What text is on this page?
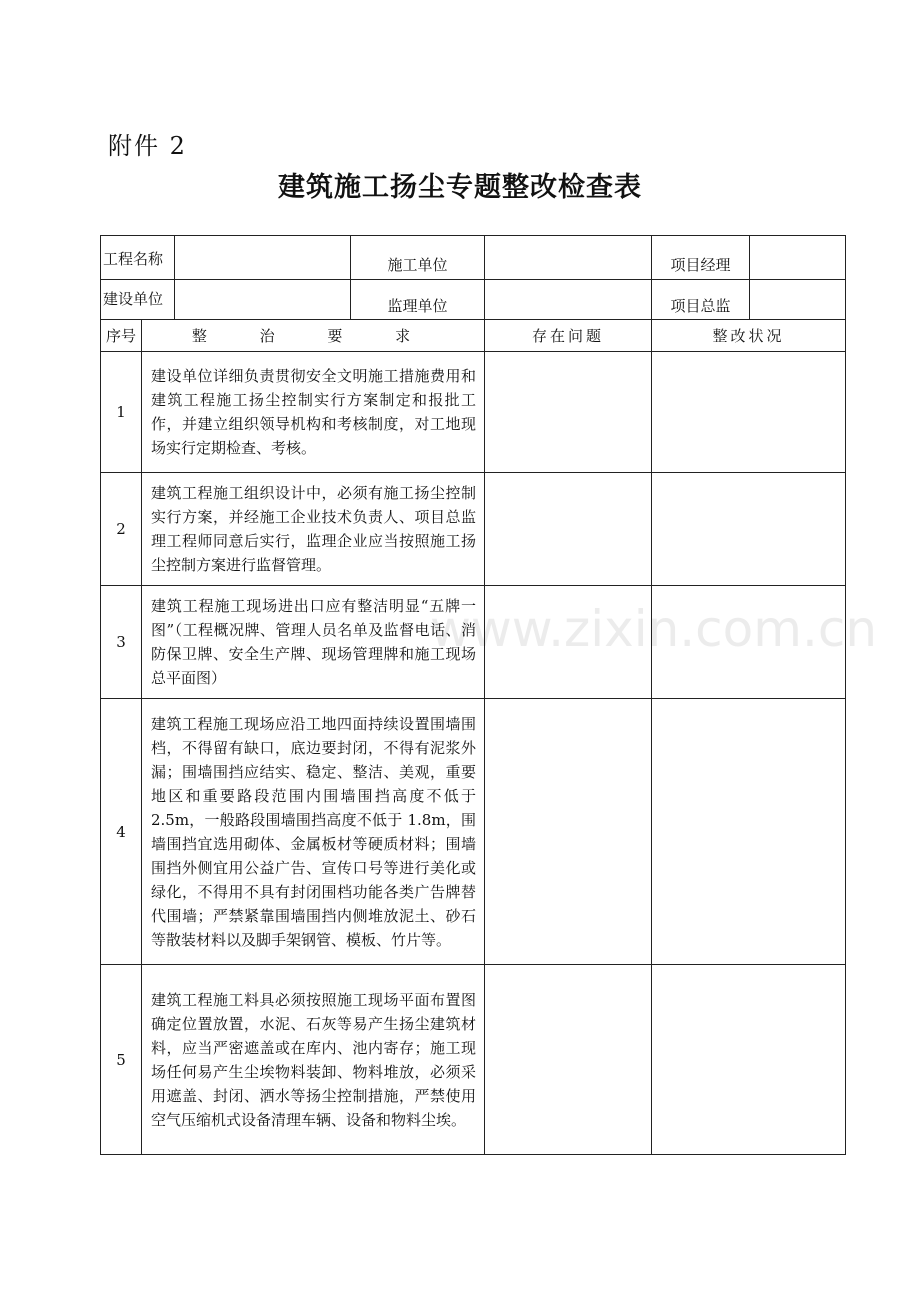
附件 2
建筑施工扬尘专题整改检查表
www.zixin.com.cn
工程名称			施工单位		项目经理	
建设单位			监理单位		项目总监	
序号	整 治 要 求			存在问题	整改状况	
1	建设单位详细负责贯彻安全文明施工措施费用和建筑工程施工扬尘控制实行方案制定和报批工作，并建立组织领导机构和考核制度，对工地现场实行定期检查、考核。					
2	建筑工程施工组织设计中，必须有施工扬尘控制实行方案，并经施工企业技术负责人、项目总监理工程师同意后实行，监理企业应当按照施工扬尘控制方案进行监督管理。					
3	建筑工程施工现场进出口应有整洁明显“五牌一图”（工程概况牌、管理人员名单及监督电话、消防保卫牌、安全生产牌、现场管理牌和施工现场总平面图）					
4	建筑工程施工现场应沿工地四面持续设置围墙围档，不得留有缺口，底边要封闭，不得有泥浆外漏；围墙围挡应结实、稳定、整洁、美观，重要地区和重要路段范围内围墙围挡高度不低于 2.5m，一般路段围墙围挡高度不低于 1.8m，围墙围挡宜选用砌体、金属板材等硬质材料；围墙围挡外侧宜用公益广告、宣传口号等进行美化或绿化，不得用不具有封闭围档功能各类广告牌替代围墙；严禁紧靠围墙围挡内侧堆放泥土、砂石等散装材料以及脚手架钢管、模板、竹片等。					
5	建筑工程施工料具必须按照施工现场平面布置图确定位置放置，水泥、石灰等易产生扬尘建筑材料，应当严密遮盖或在库内、池内寄存；施工现场任何易产生尘埃物料装卸、物料堆放，必须采用遮盖、封闭、洒水等扬尘控制措施，严禁使用空气压缩机式设备清理车辆、设备和物料尘埃。					
